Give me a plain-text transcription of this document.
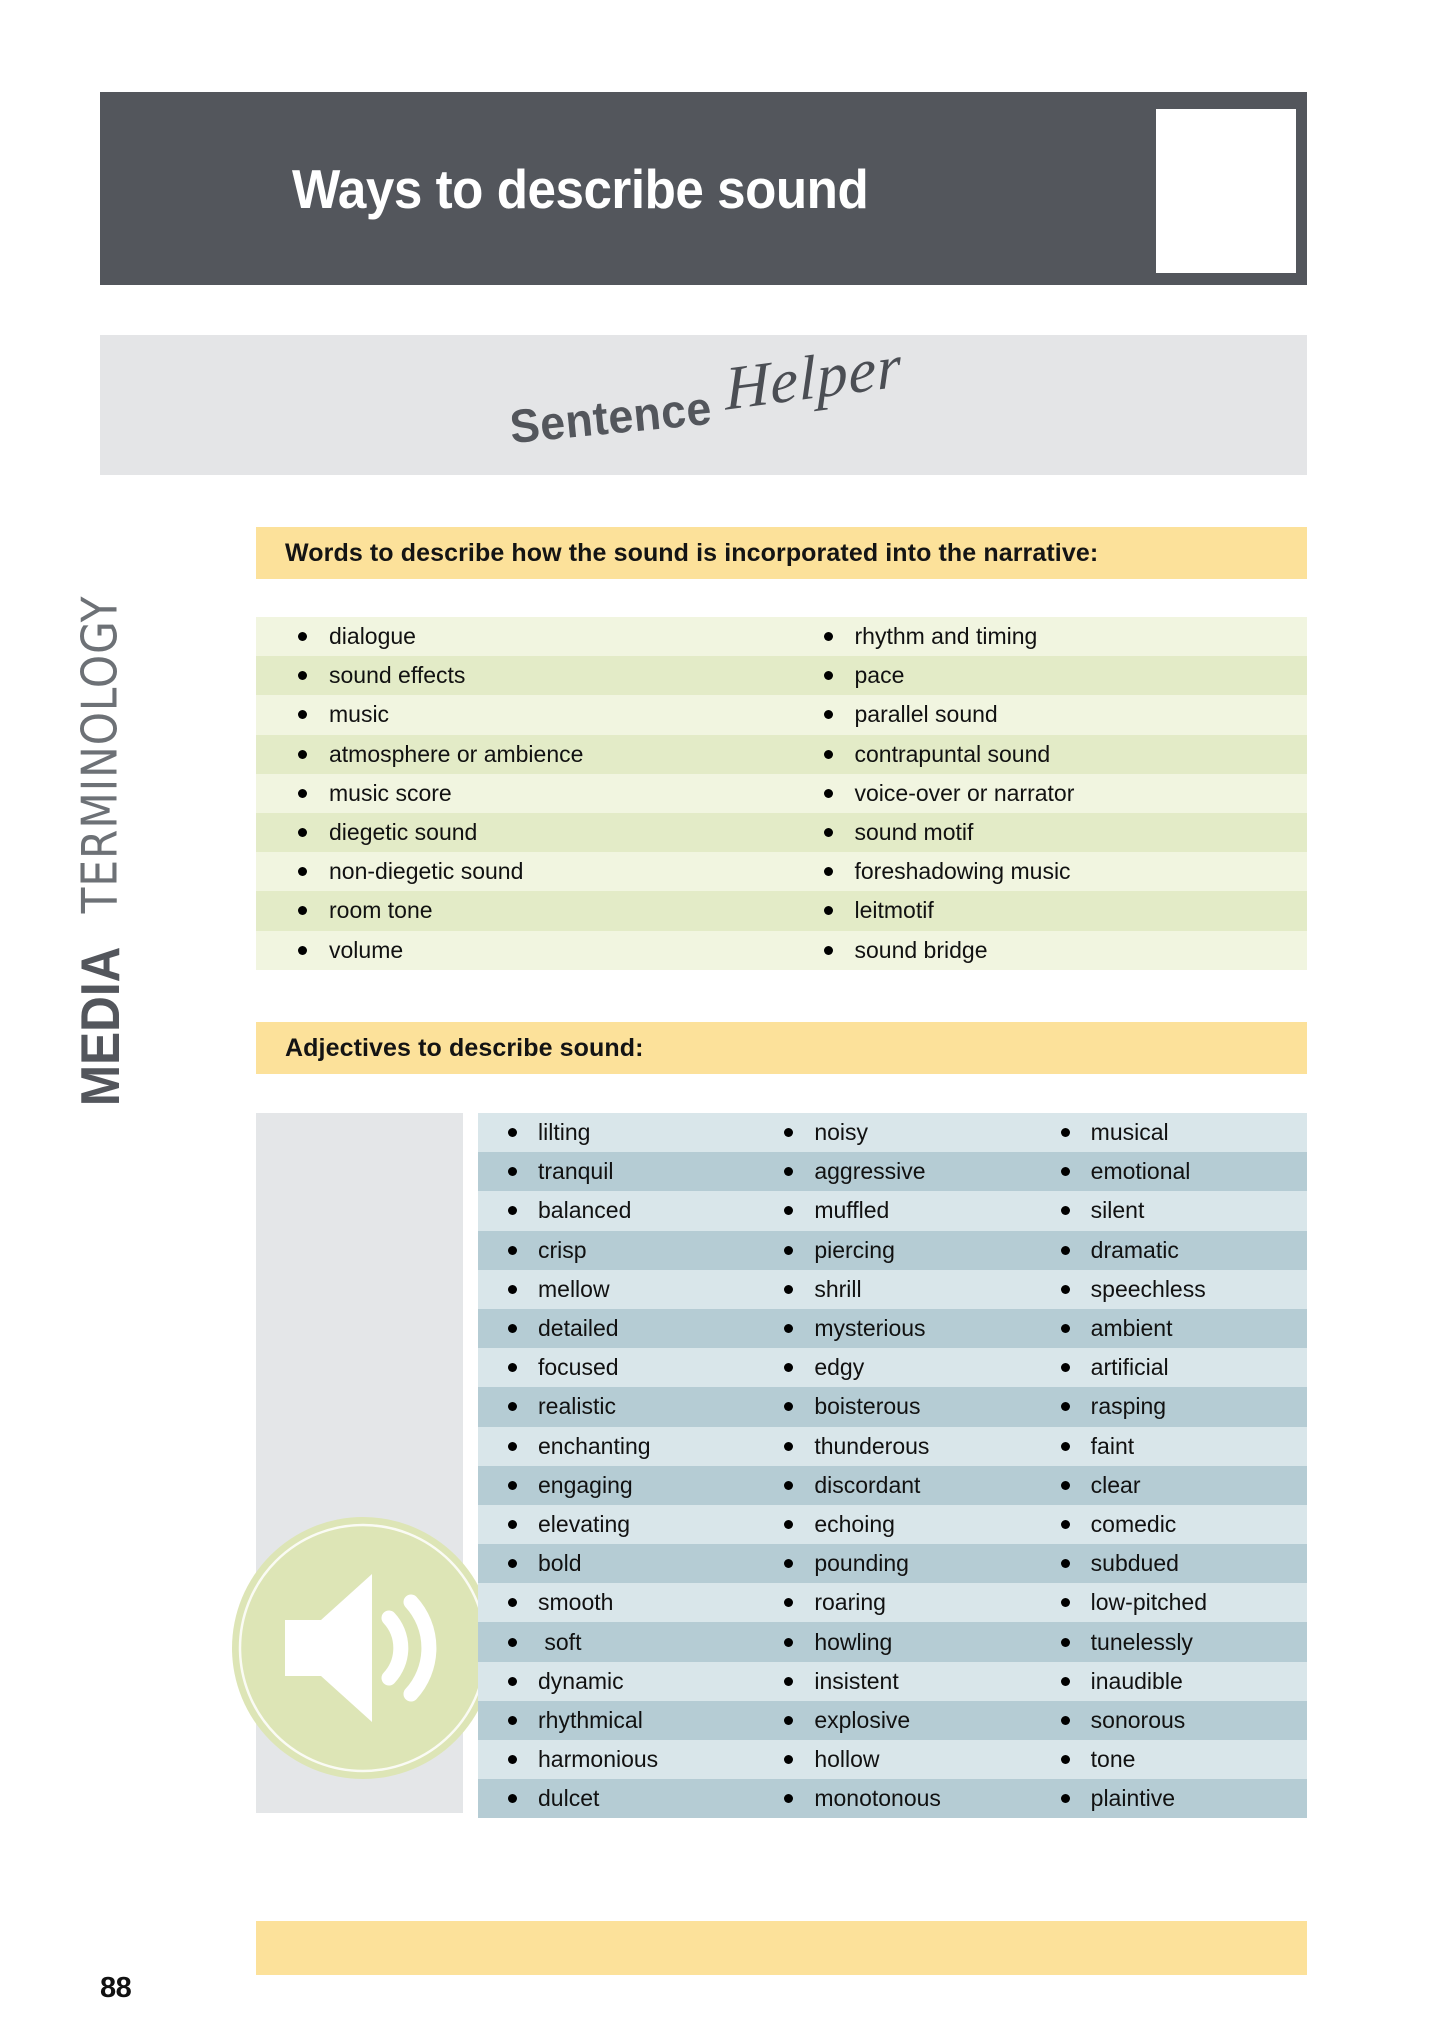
Ways to describe sound
Sentence Helper
MEDIA
TERMINOLOGY
Words to describe how the sound is incorporated into the narrative:
dialogue
sound effects
music
atmosphere or ambience
music score
diegetic sound
non-diegetic sound
room tone
volume
rhythm and timing
pace
parallel sound
contrapuntal sound
voice-over or narrator
sound motif
foreshadowing music
leitmotif
sound bridge
Adjectives to describe sound:
lilting
tranquil
balanced
crisp
mellow
detailed
focused
realistic
enchanting
engaging
elevating
bold
smooth
soft
dynamic
rhythmical
harmonious
dulcet
noisy
aggressive
muffled
piercing
shrill
mysterious
edgy
boisterous
thunderous
discordant
echoing
pounding
roaring
howling
insistent
explosive
hollow
monotonous
musical
emotional
silent
dramatic
speechless
ambient
artificial
rasping
faint
clear
comedic
subdued
low-pitched
tunelessly
inaudible
sonorous
tone
plaintive
88
